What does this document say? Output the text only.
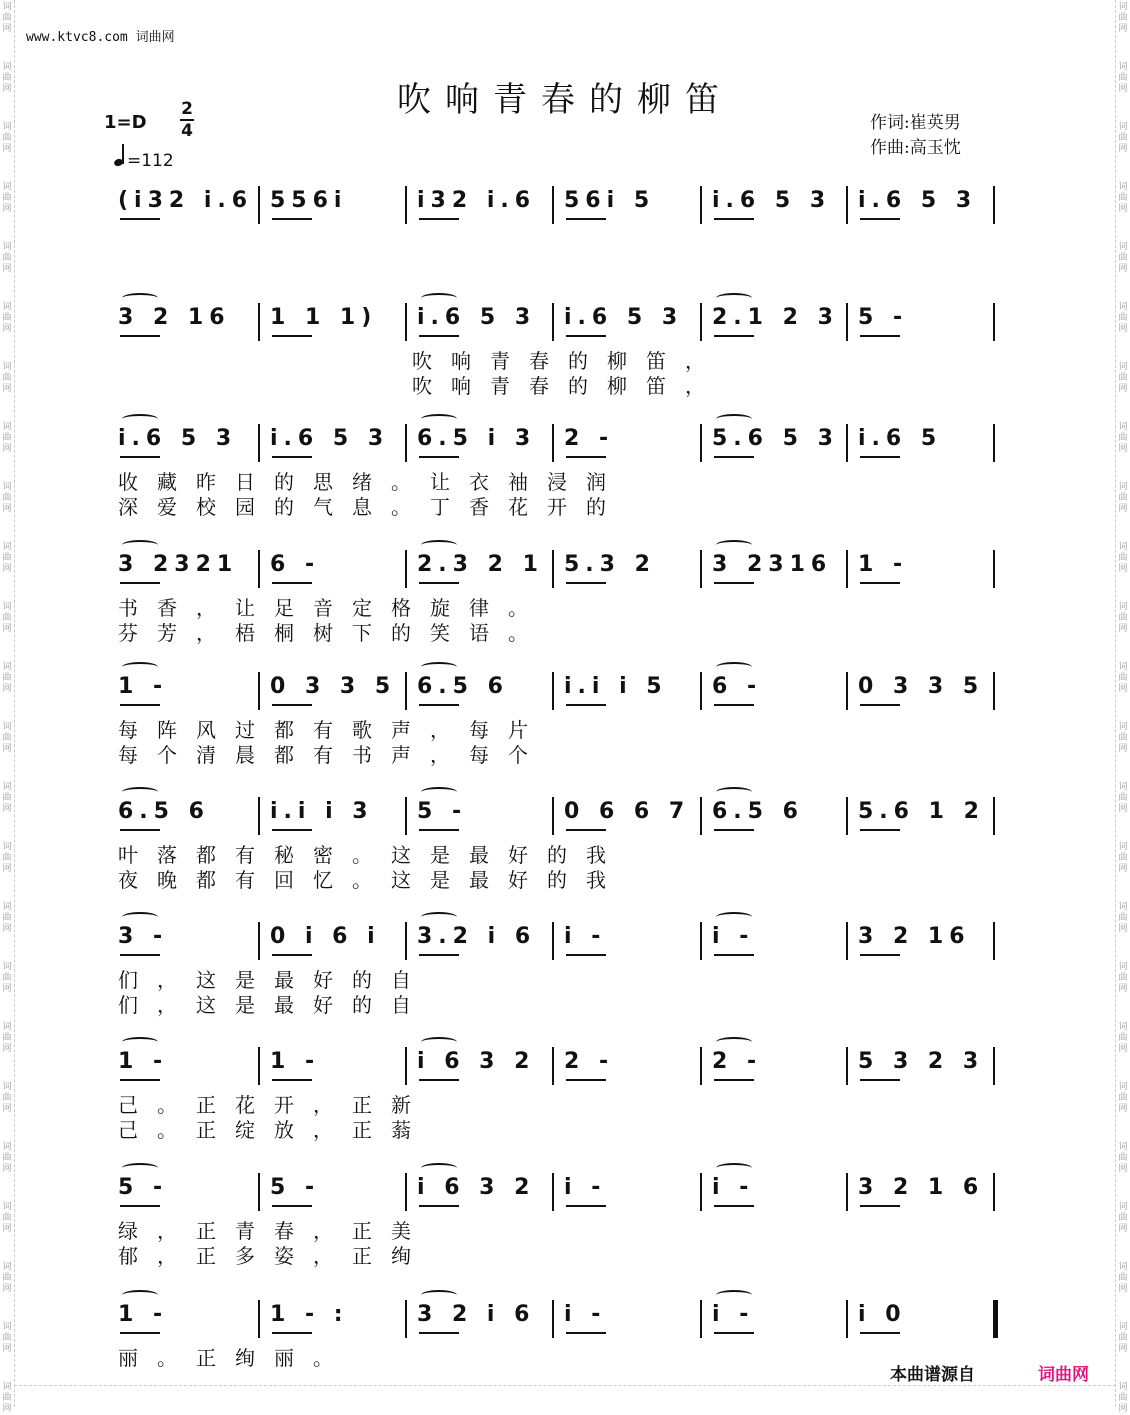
词 曲 网
词 曲 网
词 曲 网
词 曲 网
词 曲 网
词 曲 网
词 曲 网
词 曲 网
词 曲 网
词 曲 网
词 曲 网
词 曲 网
词 曲 网
词 曲 网
词 曲 网
词 曲 网
词 曲 网
词 曲 网
词 曲 网
词 曲 网
词 曲 网
词 曲 网
词 曲 网
词 曲 网
词 曲 网
词 曲 网
词 曲 网
词 曲 网
词 曲 网
词 曲 网
词 曲 网
词 曲 网
词 曲 网
词 曲 网
词 曲 网
词 曲 网
词 曲 网
词 曲 网
词 曲 网
词 曲 网
词 曲 网
词 曲 网
词 曲 网
词 曲 网
词 曲 网
词 曲 网
词 曲 网
词 曲 网
www.ktvc8.com 词曲网
吹响青春的柳笛
1=D
2
4
=112
作词:崔英男
作曲:高玉忱
(i32 i.6 556i	i32 i.6 56i 5	i.6 5 3 i.6 5 3
3 2 16 1 1 1) i.6 5 3 i.6 5 3 2.1 2 3 5 -
吹响青春的柳笛，
吹响青春的柳笛，
i.6 5 3 i.6 5 3 6.5 i 3 2 -	5.6 5 3 i.6 5
收藏昨日的思绪。让衣袖浸润
深爱校园的气息。丁香花开的
3 2321 6 -	2.3 2 1 5.3 2	3 2316 1 -
书香，让足音定格旋律。
芬芳，梧桐树下的笑语。
1 -	0 3 3 5 6.5 6	i.i i 5 6 -	0 3 3 5
每阵风过都有歌声，每片
每个清晨都有书声，每个
6.5 6	i.i i 3 5 -	0 6 6 7 6.5 6 5.6 1 2
叶落都有秘密。这是最好的我
夜晚都有回忆。这是最好的我
3 -	0 i 6 i 3.2 i 6 i -	i -	3 2 16
们，这是最好的自
们，这是最好的自
1 -	1 -	i 6 3 2 2 -	2 -	5 3 2 3
己。正花开，正新
己。正绽放，正蓊
5 -	5 -	i 6 3 2 i -	i -	3 2 1 6
绿，正青春，正美
郁，正多姿，正绚
1 -	1 - :	3 2 i 6 i -	i -	i 0
丽。正绚丽。
本曲谱源自	词曲网
